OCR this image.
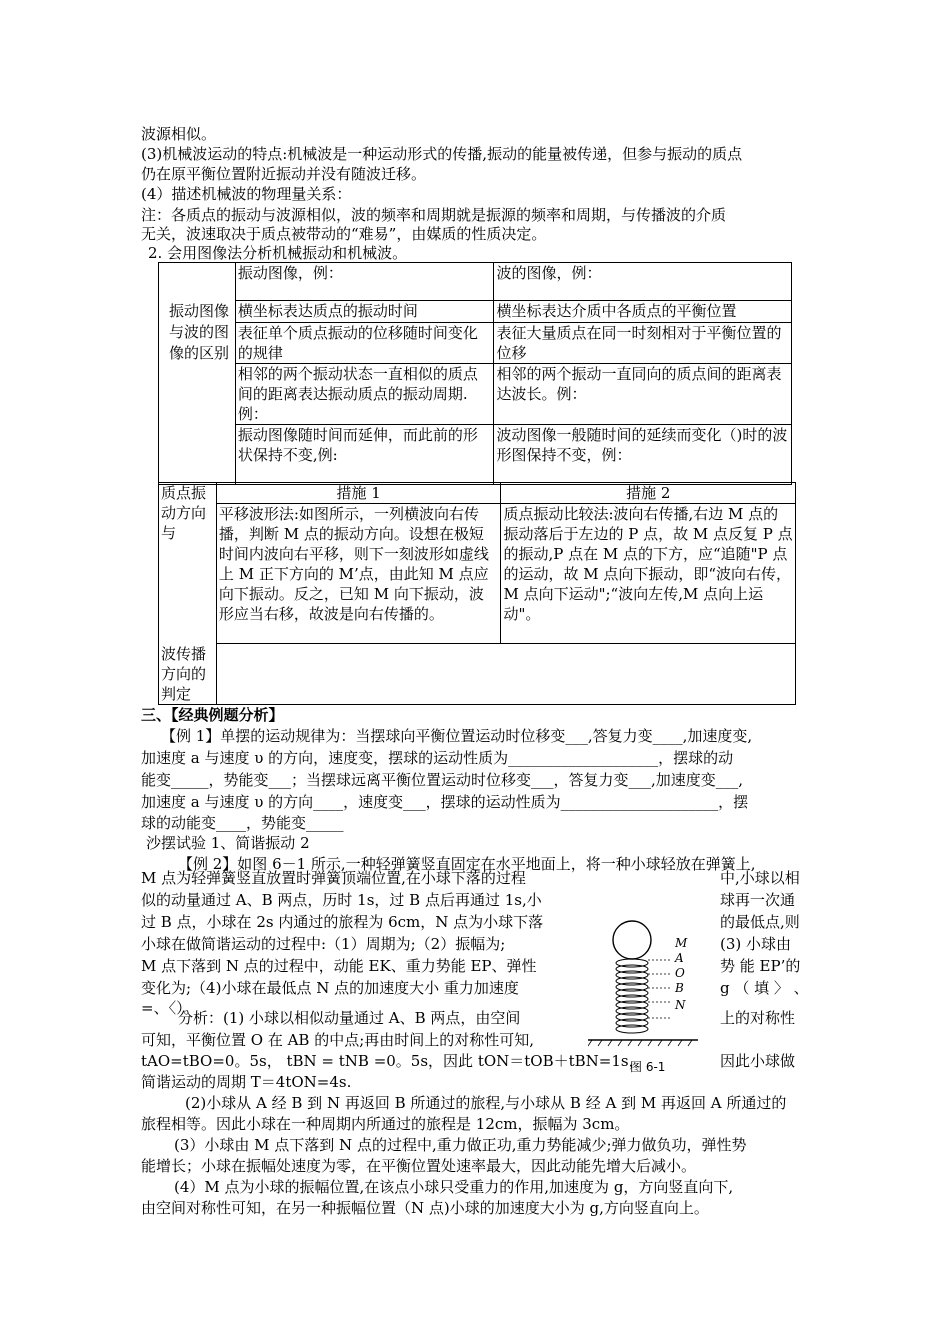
波源相似。
(3)机械波运动的特点:机械波是一种运动形式的传播,振动的能量被传递，但参与振动的质点
仍在原平衡位置附近振动并没有随波迁移。
(4）描述机械波的物理量关系：
注：各质点的振动与波源相似，波的频率和周期就是振源的频率和周期，与传播波的介质
无关，波速取决于质点被带动的“难易”，由媒质的性质决定。
2. 会用图像法分析机械振动和机械波。
振动图像与波的图像的区别	振动图像，例：	波的图像，例：
	横坐标表达质点的振动时间	横坐标表达介质中各质点的平衡位置
	表征单个质点振动的位移随时间变化的规律	表征大量质点在同一时刻相对于平衡位置的位移
	相邻的两个振动状态一直相似的质点间的距离表达振动质点的振动周期.例：	相邻的两个振动一直同向的质点间的距离表达波长。例：
	振动图像随时间而延伸，而此前的形状保持不变,例:	波动图像一般随时间的延续而变化（)时的波形图保持不变，例：
质点振动方向与	措施 1	措施 2
	平移波形法:如图所示，一列横波向右传播，判断 M 点的振动方向。设想在极短时间内波向右平移，则下一刻波形如虚线上 M 正下方向的 M’点，由此知 M 点应向下振动。反之，已知 M 向下振动，波形应当右移，故波是向右传播的。	质点振动比较法:波向右传播,右边 M 点的振动落后于左边的 P 点，故 M 点反复 P 点的振动,P 点在 M 点的下方，应“追随"P 点的运动，故 M 点向下振动，即“波向右传，M 点向下运动";“波向左传,M 点向上运动"。
波传播方向的判定		
三、【经典例题分析】
【例 1】单摆的运动规律为：当摆球向平衡位置运动时位移变___,答复力变____,加速度变,
加速度 a 与速度 υ 的方向，速度变，摆球的运动性质为____________________，摆球的动
能变_____，势能变___；当摆球远离平衡位置运动时位移变___，答复力变___,加速度变___,
加速度 a 与速度 υ 的方向____，速度变___，摆球的运动性质为_____________________，摆
球的动能变____，势能变_____
沙摆试验 1、简谐振动 2
【例 2】如图 6－1 所示,一种轻弹簧竖直固定在水平地面上，将一种小球轻放在弹簧上,
M 点为轻弹簧竖直放置时弹簧顶端位置,在小球下落的过程
似的动量通过 A、B 两点，历时 1s，过 B 点后再通过 1s,小
过 B 点，小球在 2s 内通过的旅程为 6cm，N 点为小球下落
小球在做简谐运动的过程中:（1）周期为;（2）振幅为;
M 点下落到 N 点的过程中，动能 EK、重力势能 EP、弹性
变化为;（4)小球在最低点 N 点的加速度大小 重力加速度
=、〈）。
中,小球以相
球再一次通
的最低点,则
(3) 小球由
势 能 EP’的
g （ 填 〉 、
M
A
O
B
N
图 6-1
分析：(1) 小球以相似动量通过 A、B 两点，由空间	上的对称性
可知，平衡位置 O 在 AB 的中点;再由时间上的对称性可知,
tAO=tBO=0。5s， tBN = tNB =0。5s，因此 tON＝tOB＋tBN=1s，	因此小球做
简谐运动的周期 T＝4tON=4s.
(2)小球从 A 经 B 到 N 再返回 B 所通过的旅程,与小球从 B 经 A 到 M 再返回 A 所通过的
旅程相等。因此小球在一种周期内所通过的旅程是 12cm，振幅为 3cm。
(3）小球由 M 点下落到 N 点的过程中,重力做正功,重力势能减少;弹力做负功，弹性势
能增长；小球在振幅处速度为零，在平衡位置处速率最大，因此动能先增大后减小。
(4）M 点为小球的振幅位置,在该点小球只受重力的作用,加速度为 g，方向竖直向下,
由空间对称性可知，在另一种振幅位置（N 点)小球的加速度大小为 g,方向竖直向上。
